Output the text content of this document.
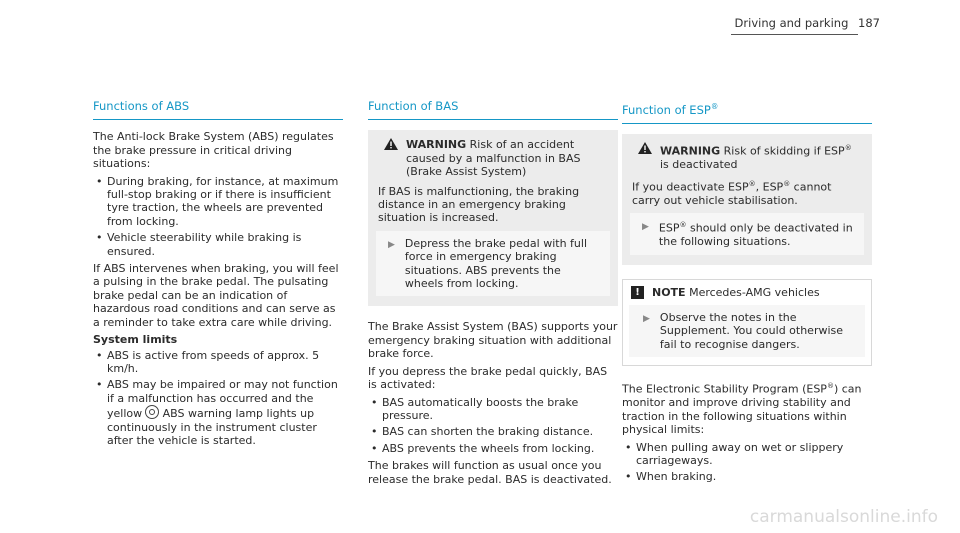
Driving and parking 187
Functions of ABS

The Anti-lock Brake System (ABS) regulates the brake pressure in critical driving situations:

• During braking, for instance, at maximum full-stop braking or if there is insufficient tyre traction, the wheels are prevented from locking.
• Vehicle steerability while braking is ensured.

If ABS intervenes when braking, you will feel a pulsing in the brake pedal. The pulsating brake pedal can be an indication of hazardous road conditions and can serve as a reminder to take extra care while driving.

System limits
• ABS is active from speeds of approx. 5 km/h.
• ABS may be impaired or may not function if a malfunction has occurred and the yellow ABS warning lamp lights up continuously in the instrument cluster after the vehicle is started.
Function of BAS
WARNING Risk of an accident caused by a malfunction in BAS (Brake Assist System)

If BAS is malfunctioning, the braking distance in an emergency braking situation is increased.

▶ Depress the brake pedal with full force in emergency braking situations. ABS prevents the wheels from locking.

The Brake Assist System (BAS) supports your emergency braking situation with additional brake force.

If you depress the brake pedal quickly, BAS is activated:

• BAS automatically boosts the brake pressure.
• BAS can shorten the braking distance.
• ABS prevents the wheels from locking.

The brakes will function as usual once you release the brake pedal. BAS is deactivated.

Function of ESP®
WARNING Risk of skidding if ESP® is deactivated

If you deactivate ESP®, ESP® cannot carry out vehicle stabilisation.

▶ ESP® should only be deactivated in the following situations.
!	NOTE
Mercedes-AMG vehicles
▶ Observe the notes in the Supplement. You could otherwise fail to recognise dangers.

The Electronic Stability Program (ESP®) can monitor and improve driving stability and traction in the following situations within physical limits:

• When pulling away on wet or slippery carriageways.
• When braking.
carmanualsonline.info
